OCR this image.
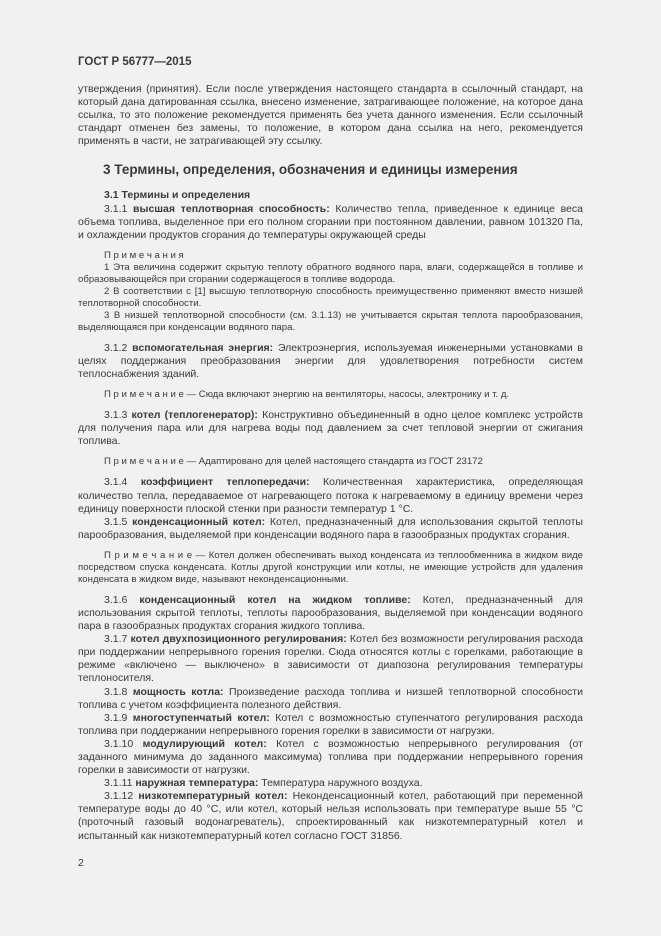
ГОСТ Р 56777—2015

утверждения (принятия). Если после утверждения настоящего стандарта в ссылочный стандарт, на который дана датированная ссылка, внесено изменение, затрагивающее положение, на которое дана ссылка, то это положение рекомендуется применять без учета данного изменения. Если ссылочный стандарт отменен без замены, то положение, в котором дана ссылка на него, рекомендуется применять в части, не затрагивающей эту ссылку.

3 Термины, определения, обозначения и единицы измерения

3.1 Термины и определения

3.1.1 высшая теплотворная способность: Количество тепла, приведенное к единице веса объема топлива, выделенное при его полном сгорании при постоянном давлении, равном 101320 Па, и охлаждении продуктов сгорания до температуры окружающей среды

П р и м е ч а н и я

1 Эта величина содержит скрытую теплоту обратного водяного пара, влаги, содержащейся в топливе и образовывающейся при сгорании содержащегося в топливе водорода.

2 В соответствии с [1] высшую теплотворную способность преимущественно применяют вместо низшей теплотворной способности.

3 В низшей теплотворной способности (см. 3.1.13) не учитывается скрытая теплота парообразования, выделяющаяся при конденсации водяного пара.

3.1.2 вспомогательная энергия: Электроэнергия, используемая инженерными установками в целях поддержания преобразования энергии для удовлетворения потребности систем теплоснабжения зданий.

П р и м е ч а н и е — Сюда включают энергию на вентиляторы, насосы, электронику и т. д.

3.1.3 котел (теплогенератор): Конструктивно объединенный в одно целое комплекс устройств для получения пара или для нагрева воды под давлением за счет тепловой энергии от сжигания топлива.

П р и м е ч а н и е — Адаптировано для целей настоящего стандарта из ГОСТ 23172

3.1.4 коэффициент теплопередачи: Количественная характеристика, определяющая количество тепла, передаваемое от нагревающего потока к нагреваемому в единицу времени через единицу поверхности плоской стенки при разности температур 1 °С.

3.1.5 конденсационный котел: Котел, предназначенный для использования скрытой теплоты парообразования, выделяемой при конденсации водяного пара в газообразных продуктах сгорания.

П р и м е ч а н и е — Котел должен обеспечивать выход конденсата из теплообменника в жидком виде посредством спуска конденсата. Котлы другой конструкции или котлы, не имеющие устройств для удаления конденсата в жидком виде, называют неконденсационными.

3.1.6 конденсационный котел на жидком топливе: Котел, предназначенный для использования скрытой теплоты, теплоты парообразования, выделяемой при конденсации водяного пара в газообразных продуктах сгорания жидкого топлива.

3.1.7 котел двухпозиционного регулирования: Котел без возможности регулирования расхода при поддержании непрерывного горения горелки. Сюда относятся котлы с горелками, работающие в режиме «включено — выключено» в зависимости от диапозона регулирования температуры теплоносителя.

3.1.8 мощность котла: Произведение расхода топлива и низшей теплотворной способности топлива с учетом коэффициента полезного действия.

3.1.9 многоступенчатый котел: Котел с возможностью ступенчатого регулирования расхода топлива при поддержании непрерывного горения горелки в зависимости от нагрузки.

3.1.10 модулирующий котел: Котел с возможностью непрерывного регулирования (от заданного минимума до заданного максимума) топлива при поддержании непрерывного горения горелки в зависимости от нагрузки.

3.1.11 наружная температура: Температура наружного воздуха.

3.1.12 низкотемпературный котел: Неконденсационный котел, работающий при переменной температуре воды до 40 °С, или котел, который нельзя использовать при температуре выше 55 °С (проточный газовый водонагреватель), спроектированный как низкотемпературный котел и испытанный как низкотемпературный котел согласно ГОСТ 31856.

2
